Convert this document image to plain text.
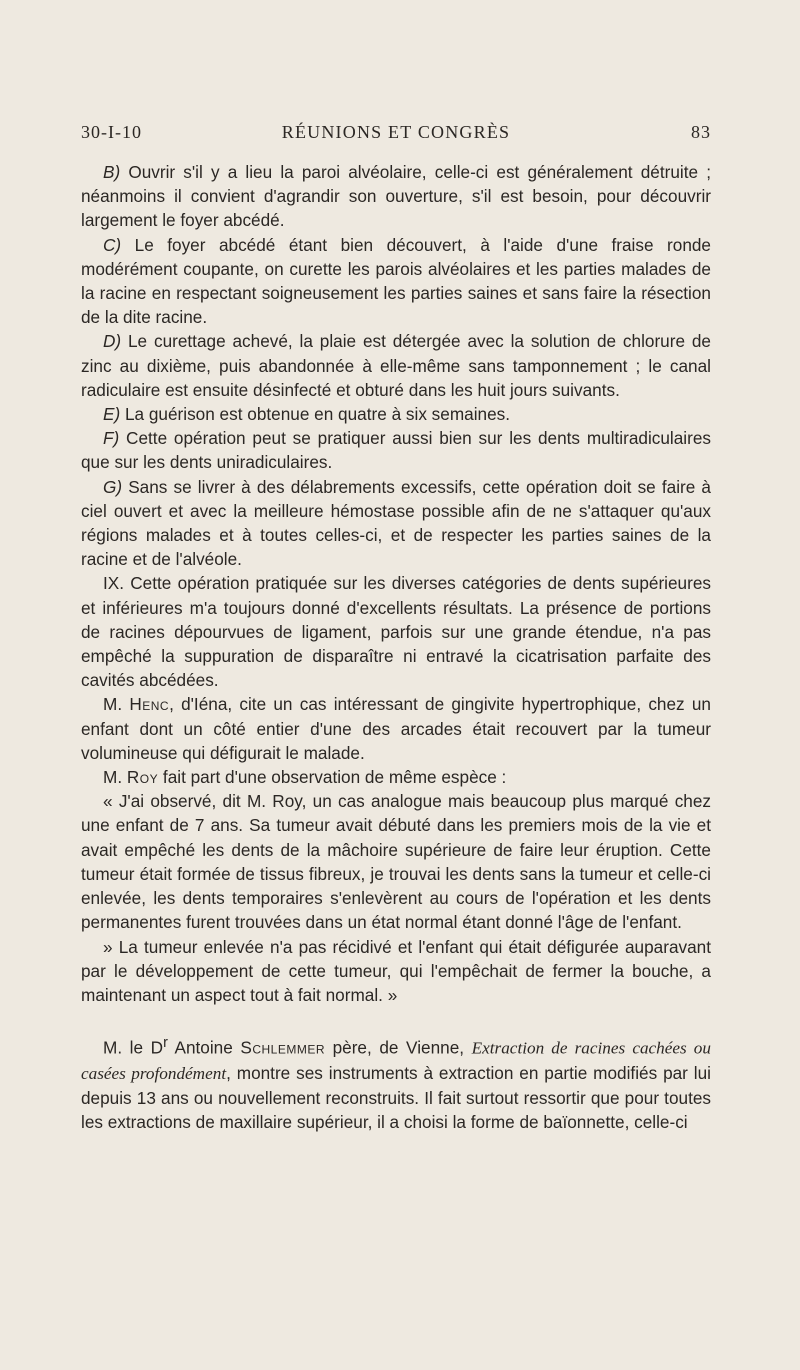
30-I-10	RÉUNIONS ET CONGRÈS	83

B) Ouvrir s'il y a lieu la paroi alvéolaire, celle-ci est généralement détruite ; néanmoins il convient d'agrandir son ouverture, s'il est besoin, pour découvrir largement le foyer abcédé.

C) Le foyer abcédé étant bien découvert, à l'aide d'une fraise ronde modérément coupante, on curette les parois alvéolaires et les parties malades de la racine en respectant soigneusement les parties saines et sans faire la résection de la dite racine.

D) Le curettage achevé, la plaie est détergée avec la solution de chlorure de zinc au dixième, puis abandonnée à elle-même sans tamponnement ; le canal radiculaire est ensuite désinfecté et obturé dans les huit jours suivants.

E) La guérison est obtenue en quatre à six semaines.

F) Cette opération peut se pratiquer aussi bien sur les dents multiradiculaires que sur les dents uniradiculaires.

G) Sans se livrer à des délabrements excessifs, cette opération doit se faire à ciel ouvert et avec la meilleure hémostase possible afin de ne s'attaquer qu'aux régions malades et à toutes celles-ci, et de respecter les parties saines de la racine et de l'alvéole.

IX. Cette opération pratiquée sur les diverses catégories de dents supérieures et inférieures m'a toujours donné d'excellents résultats. La présence de portions de racines dépourvues de ligament, parfois sur une grande étendue, n'a pas empêché la suppuration de disparaître ni entravé la cicatrisation parfaite des cavités abcédées.

M. Henc, d'Iéna, cite un cas intéressant de gingivite hypertrophique, chez un enfant dont un côté entier d'une des arcades était recouvert par la tumeur volumineuse qui défigurait le malade.

M. Roy fait part d'une observation de même espèce :

« J'ai observé, dit M. Roy, un cas analogue mais beaucoup plus marqué chez une enfant de 7 ans. Sa tumeur avait débuté dans les premiers mois de la vie et avait empêché les dents de la mâchoire supérieure de faire leur éruption. Cette tumeur était formée de tissus fibreux, je trouvai les dents sans la tumeur et celle-ci enlevée, les dents temporaires s'enlevèrent au cours de l'opération et les dents permanentes furent trouvées dans un état normal étant donné l'âge de l'enfant.

» La tumeur enlevée n'a pas récidivé et l'enfant qui était défigurée auparavant par le développement de cette tumeur, qui l'empêchait de fermer la bouche, a maintenant un aspect tout à fait normal. »

M. le $D^r$ Antoine Schlemmer père, de Vienne, Extraction de racines cachées ou casées profondément, montre ses instruments à extraction en partie modifiés par lui depuis 13 ans ou nouvellement reconstruits. Il fait surtout ressortir que pour toutes les extractions de maxillaire supérieur, il a choisi la forme de baïonnette, celle-ci
